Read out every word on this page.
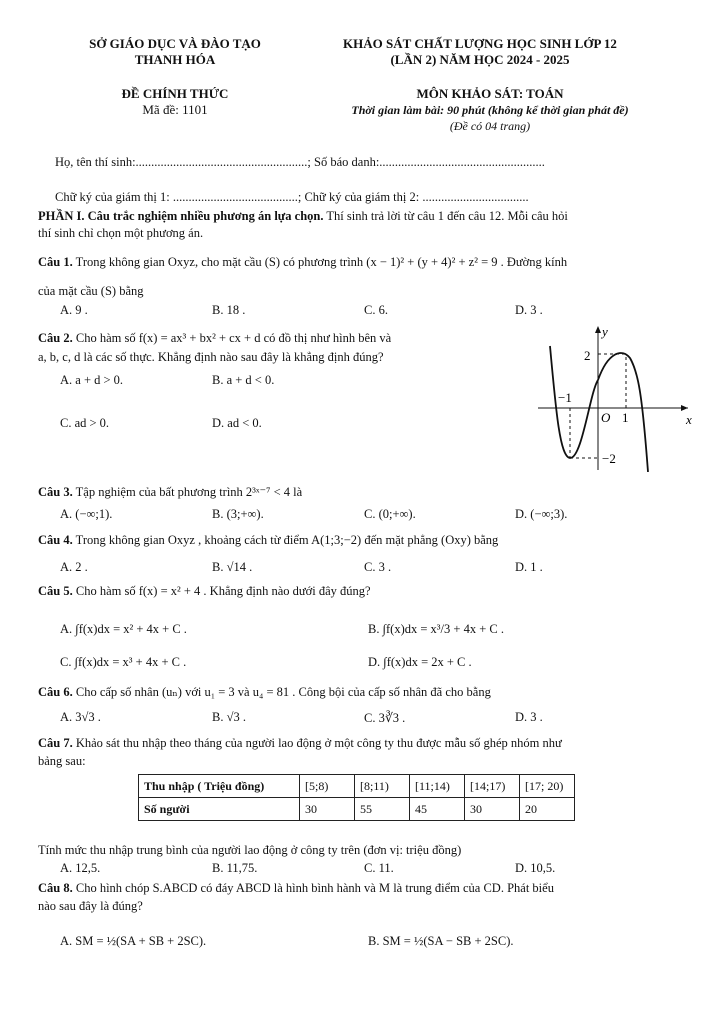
SỞ GIÁO DỤC VÀ ĐÀO TẠO
THANH HÓA
KHẢO SÁT CHẤT LƯỢNG HỌC SINH LỚP 12
(LẦN 2) NĂM HỌC 2024 - 2025
ĐỀ CHÍNH THỨC
Mã đề: 1101
MÔN KHẢO SÁT: TOÁN
Thời gian làm bài: 90 phút (không kể thời gian phát đề)
(Đề có 04 trang)
Họ, tên thí sinh:.......................................................; Số báo danh:.....................................................
Chữ ký của giám thị 1: ........................................; Chữ ký của giám thị 2: ..................................
PHẦN I. Câu trắc nghiệm nhiều phương án lựa chọn. Thí sinh trả lời từ câu 1 đến câu 12. Mỗi câu hỏi
thí sinh chỉ chọn một phương án.
Câu 1. Trong không gian Oxyz, cho mặt cầu (S) có phương trình (x − 1)² + (y + 4)² + z² = 9 . Đường kính
của mặt cầu (S) bằng
A. 9 .	B. 18 .	C. 6.	D. 3 .
Câu 2. Cho hàm số f(x) = ax³ + bx² + cx + d có đồ thị như hình bên và
a, b, c, d là các số thực. Khẳng định nào sau đây là khẳng định đúng?
A. a + d > 0.	B. a + d < 0.
C. ad > 0.	D. ad < 0.
y
x
2
−1
O 1
−2
Câu 3. Tập nghiệm của bất phương trình 2³ˣ⁻⁷ < 4 là
A. (−∞;1).	B. (3;+∞).	C. (0;+∞).	D. (−∞;3).
Câu 4. Trong không gian Oxyz , khoảng cách từ điểm A(1;3;−2) đến mặt phẳng (Oxy) bằng
A. 2 .	B. √14 .	C. 3 .	D. 1 .
Câu 5. Cho hàm số f(x) = x² + 4 . Khẳng định nào dưới đây đúng?
A. ∫f(x)dx = x² + 4x + C .	B. ∫f(x)dx = x³/3 + 4x + C .
C. ∫f(x)dx = x³ + 4x + C .	D. ∫f(x)dx = 2x + C .
Câu 6. Cho cấp số nhân (uₙ) với u₁ = 3 và u₄ = 81 . Công bội của cấp số nhân đã cho bằng
A. 3√3 .	B. √3 .	C. 3∛3 .	D. 3 .
Câu 7. Khảo sát thu nhập theo tháng của người lao động ở một công ty thu được mẫu số ghép nhóm như
bảng sau:
Thu nhập ( Triệu đồng)	[5;8)	[8;11)	[11;14)	[14;17)	[17; 20)
Số người	30	55	45	30	20
Tính mức thu nhập trung bình của người lao động ở công ty trên (đơn vị: triệu đồng)
A. 12,5.	B. 11,75.	C. 11.	D. 10,5.
Câu 8. Cho hình chóp S.ABCD có đáy ABCD là hình bình hành và M là trung điểm của CD. Phát biểu
nào sau đây là đúng?
A. SM = ½(SA + SB + 2SC).	B. SM = ½(SA − SB + 2SC).
